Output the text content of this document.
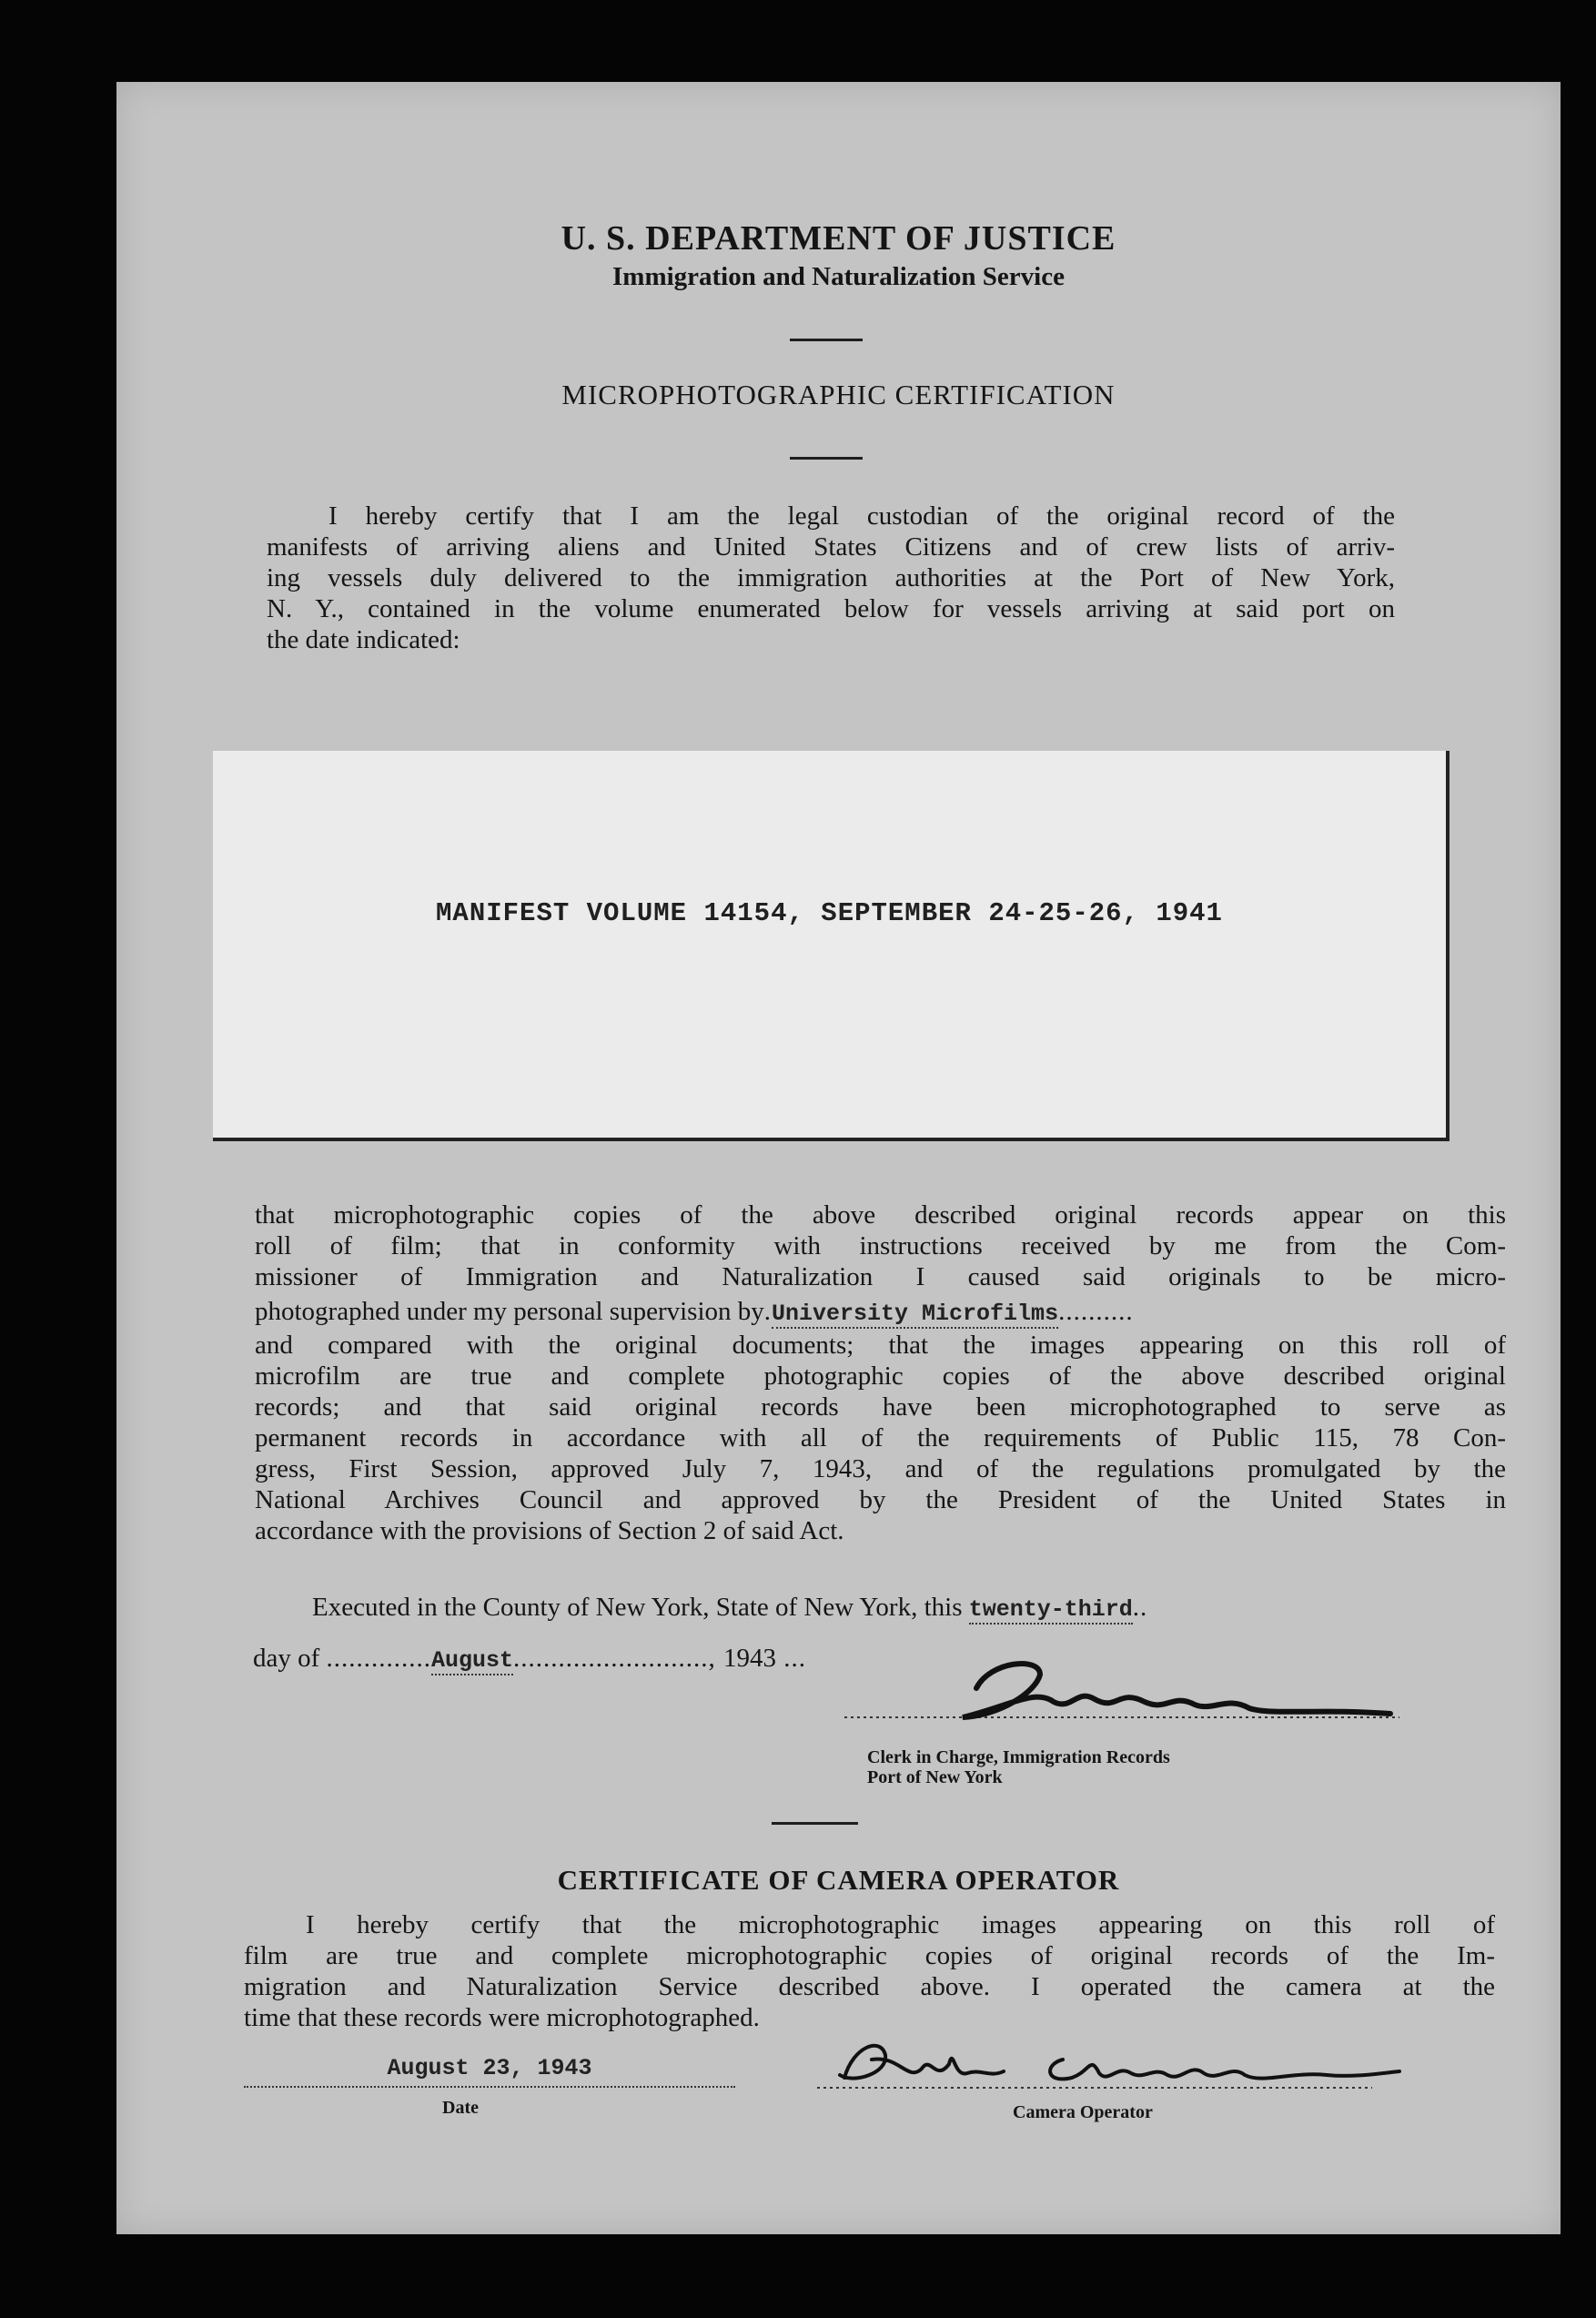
U. S. DEPARTMENT OF JUSTICE
Immigration and Naturalization Service
MICROPHOTOGRAPHIC CERTIFICATION
I hereby certify that I am the legal custodian of the original record of the
manifests of arriving aliens and United States Citizens and of crew lists of arriv-
ing vessels duly delivered to the immigration authorities at the Port of New York,
N. Y., contained in the volume enumerated below for vessels arriving at said port on
the date indicated:
MANIFEST VOLUME 14154, SEPTEMBER 24-25-26, 1941
that microphotographic copies of the above described original records appear on this
roll of film; that in conformity with instructions received by me from the Com-
missioner of Immigration and Naturalization I caused said originals to be micro-
photographed under my personal supervision by.University Microfilms..........
and compared with the original documents; that the images appearing on this roll of
microfilm are true and complete photographic copies of the above described original
records; and that said original records have been microphotographed to serve as
permanent records in accordance with all of the requirements of Public 115, 78 Con-
gress, First Session, approved July 7, 1943, and of the regulations promulgated by the
National Archives Council and approved by the President of the United States in
accordance with the provisions of Section 2 of said Act.
Executed in the County of New York, State of New York, this twenty-third..
day of ..............August.........................., 1943 ...
Clerk in Charge, Immigration Records
Port of New York
CERTIFICATE OF CAMERA OPERATOR
I hereby certify that the microphotographic images appearing on this roll of
film are true and complete microphotographic copies of original records of the Im-
migration and Naturalization Service described above. I operated the camera at the
time that these records were microphotographed.
August 23, 1943
Date	Camera Operator
